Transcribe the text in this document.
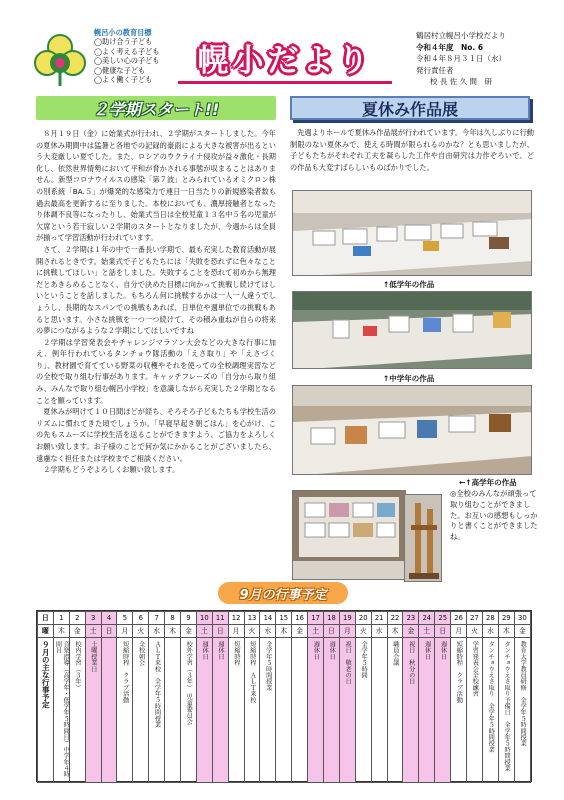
幌呂小の教育目標
◯助け合う子ども
◯よく考える子ども
◯美しい心の子ども
◯健康な子ども
◯よく働く子ども
幌小だより
鶴居村立幌呂小学校だより
令和４年度　No. 6
令和４年８月３１日（水）
発行責任者
校 長 佐 久 間　研
２学期スタート!!

８月１９日（金）に始業式が行われ、２学期がスタートしました。今年の夏休み期間中は猛暑と各地での記録的豪雨による大きな被害が出るという大変厳しい夏でした。また、ロシアのウクライナ侵攻が益々激化・長期化し、依然世界情勢において平和が脅かされる事態が収まることはありません。新型コロナウイルスの感染「第７波」とみられているオミクロン株の別系統「BA.５」が爆発的な感染力で連日一日当たりの新規感染者数も過去最高を更新するに至りました。本校においても、濃厚接触者となったり体調不良等になったりし、始業式当日は全校児童１３名中５名の児童が欠席という若干寂しい２学期のスタートとなりましたが、今週からは全員が揃って学習活動が行われています。

さて、２学期は１年の中で一番長い学期で、最も充実した教育活動が展開されるときです。始業式で子どもたちには「失敗を恐れずに色々なことに挑戦してほしい」と話をしました。失敗することを恐れて初めから無理だとあきらめることなく、自分で決めた目標に向かって挑戦し続けてほしいということを話しました。もちろん何に挑戦するかは一人一人違うでしょうし、長期的なスパンでの挑戦もあれば、日単位や週単位での挑戦もあると思います。小さな挑戦を一つ一つ続けて、その積み重ねが自らの将来の夢につながるような２学期にしてほしいですね

２学期は学習発表会やチャレンジマラソン大会などの大きな行事に加え、例年行われているタンチョウ隊活動の「えさ取り」や「えさづくり」、教材園で育てている野菜の収穫やそれを使っての全校調理実習などの全校で取り組む行事があります。キャッチフレーズの「自分から取り組み、みんなで取り組む幌呂小学校」を意識しながら充実した２学期となることを願っています。

夏休みが明けて１０日間ほどが経ち、そろそろ子どもたちも学校生活のリズムに慣れてきた頃でしょうか。「早寝早起き朝ごはん」を心がけ、この先もスムーズに学校生活を送ることができますよう、ご協力をよろしくお願い致します。お子様のことで何か気にかかることがございましたら、遠慮なく担任または学校までご相談ください。

２学期もどうぞよろしくお願い致します。

夏休み作品展
先週よりホールで夏休み作品展が行われています。今年は久しぶりに行動制限のない夏休みで、使える時間が限られるのかな？とも思いましたが、子どもたちがそれぞれ工夫を凝らした工作や自由研究は力作ぞろいで、どの作品も大変すばらしいものばかりでした。
↑低学年の作品
↑中学年の作品
←↑高学年の作品
◎全校のみんなが頑張って取り組むことができました。お互いの感想もしっかりと書くことができましたね。
9月の行事予定
日	1	2	3	4	5	6	7	8	9	10	11	12	13	14	15	16	17	18	19	20	21	22	23	24	25	26	27	28	29	30
曜	木	金	土	日	月	火	水	木	金	土	日	月	火	水	木	金	土	日	月	火	水	木	金	土	日	月	火	水	木	金
９月の主な行事予定	音楽指導（高学年・低学年５時間目）中学年４時間目	校内学習（３年）	土曜授業日		短縮時程　クラブ活動	全校朝会	ＡＬＴ来校　全学年５時間授業		校外学習（３年）　児童委員会	週休日	週休日	短縮時程	短縮時程　ＡＬＴ来校	全学年５時間授業			週休日	週休日	祝日　敬老の日	全学年５時間		職員会議	祝日　秋分の日	週休日	週休日	短縮時程　クラブ活動	学習発表会全校練習	タンチョウえさ取り　全学年５時間授業	タンチョウえさ取り予備日　全学年５時間授業	教育大学教員研修　全学年５時間授業
